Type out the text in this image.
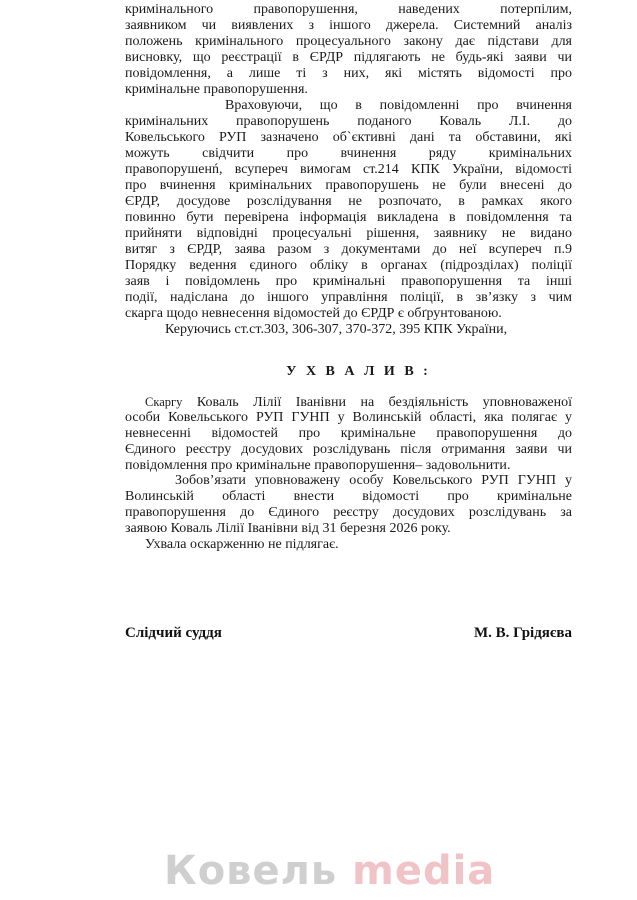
кримінального правопорушення, наведених потерпілим,
заявником чи виявлених з іншого джерела. Системний аналіз
положень кримінального процесуального закону дає підстави для
висновку, що реєстрації в ЄРДР підлягають не будь-які заяви чи
повідомлення, а лише ті з них, які містять відомості про
кримінальне правопорушення.
Враховуючи, що в повідомленні про вчинення
кримінальних правопорушень поданого Коваль Л.І. до
Ковельського РУП зазначено об`єктивні дані та обставини, які
можуть свідчити про вчинення ряду кримінальних
правопорушенń, всупереч вимогам ст.214 КПК України, відомості
про вчинення кримінальних правопорушень не були внесені до
ЄРДР, досудове розслідування не розпочато, в рамках якого
повинно бути перевірена інформація викладена в повідомлення та
прийняти відповідні процесуальні рішення, заявнику не видано
витяг з ЄРДР, заява разом з документами до неї всупереч п.9
Порядку ведення єдиного обліку в органах (підрозділах) поліції
заяв і повідомлень про кримінальні правопорушення та інші
події, надіслана до іншого управління поліції, в зв’язку з чим
скарга щодо невнесення відомостей до ЄРДР є обґрунтованою.
Керуючись ст.ст.303, 306-307, 370-372, 395 КПК України,
Скаргу Коваль Лілії Іванівни на бездіяльність уповноваженої
особи Ковельського РУП ГУНП у Волинській області, яка полягає у
невнесенні відомостей про кримінальне правопорушення до
Єдиного реєстру досудових розслідувань після отримання заяви чи
повідомлення про кримінальне правопорушення– задовольнити.
Зобов’язати уповноважену особу Ковельського РУП ГУНП у
Волинській області внести відомості про кримінальне
правопорушення до Єдиного реєстру досудових розслідувань за
заявою Коваль Лілії Іванівни від 31 березня 2026 року.
Ухвала оскарженню не підлягає.
У Х В А Л И В :
Слідчий суддя	М. В. Грідяєва
Ковель media
